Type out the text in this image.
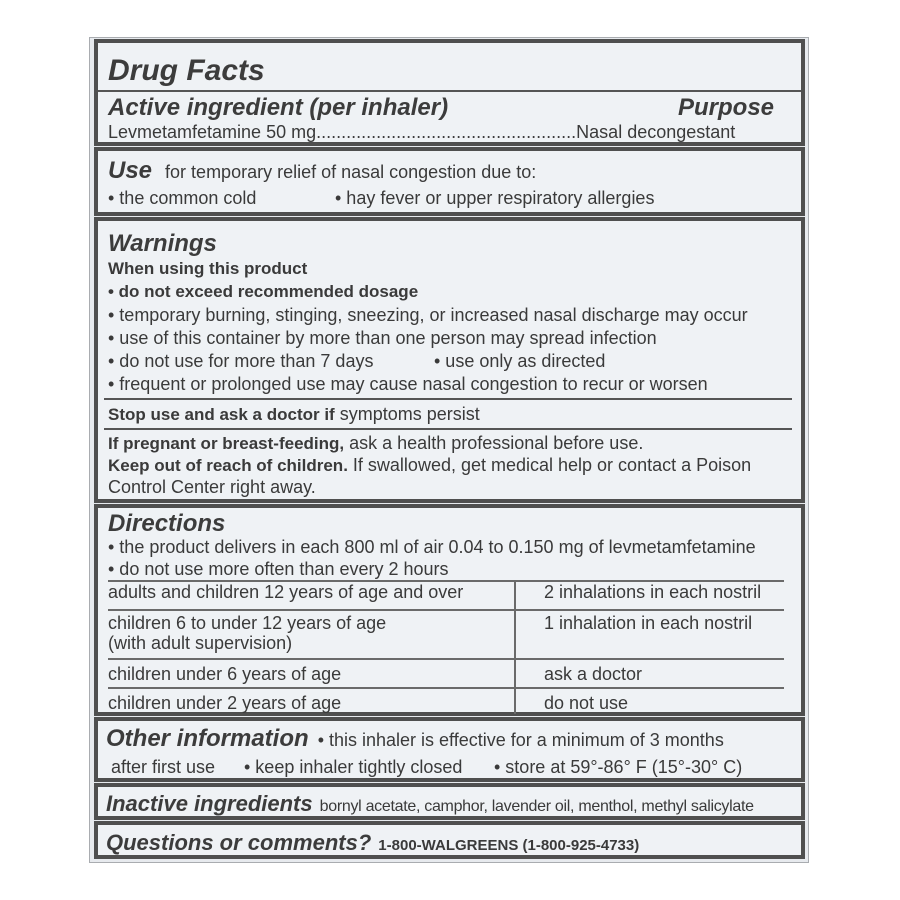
Drug Facts
Active ingredient (per inhaler)	Purpose
Levmetamfetamine 50 mg....................................................Nasal decongestant
Use for temporary relief of nasal congestion due to:
• the common cold	• hay fever or upper respiratory allergies
Warnings
When using this product
• do not exceed recommended dosage
• temporary burning, stinging, sneezing, or increased nasal discharge may occur
• use of this container by more than one person may spread infection
• do not use for more than 7 days	• use only as directed
• frequent or prolonged use may cause nasal congestion to recur or worsen
Stop use and ask a doctor if symptoms persist
If pregnant or breast-feeding, ask a health professional before use.
Keep out of reach of children. If swallowed, get medical help or contact a Poison
Control Center right away.
Directions
• the product delivers in each 800 ml of air 0.04 to 0.150 mg of levmetamfetamine
• do not use more often than every 2 hours
adults and children 12 years of age and over	2 inhalations in each nostril
children 6 to under 12 years of age
(with adult supervision)	1 inhalation in each nostril
children under 6 years of age	ask a doctor
children under 2 years of age	do not use
Other information • this inhaler is effective for a minimum of 3 months
after first use • keep inhaler tightly closed • store at 59°-86° F (15°-30° C)
Inactive ingredients bornyl acetate, camphor, lavender oil, menthol, methyl salicylate
Questions or comments? 1-800-WALGREENS (1-800-925-4733)
